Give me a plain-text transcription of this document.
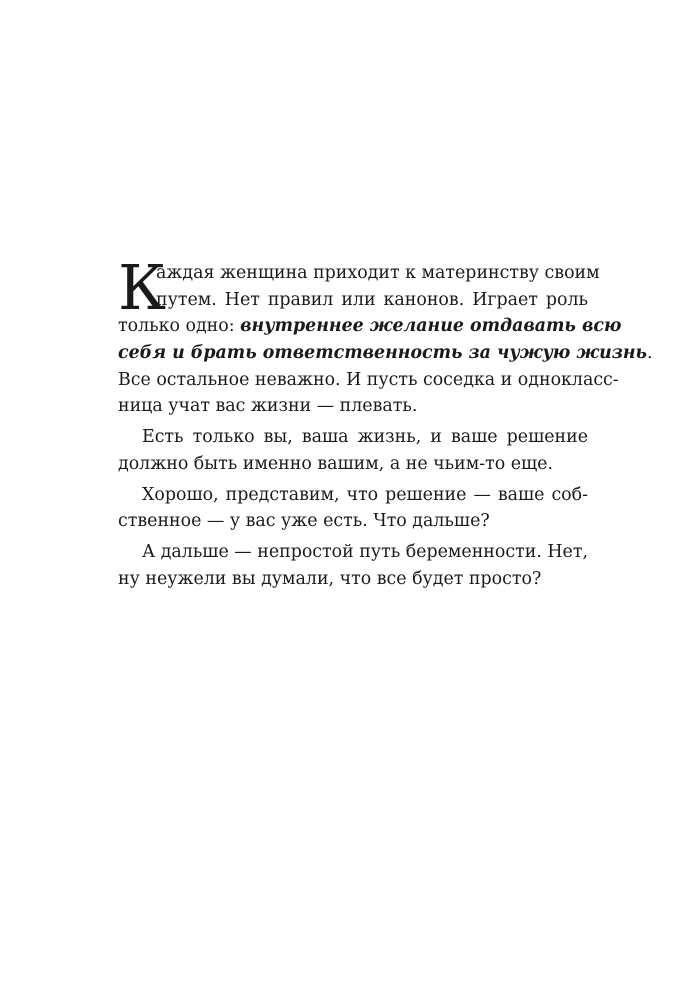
К
аждая женщина приходит к материнству своим
путем. Нет правил или канонов. Играет роль
только одно: внутреннее желание отдавать всю
себя и брать ответственность за чужую жизнь.
Все остальное неважно. И пусть соседка и однокласс-
ница учат вас жизни — плевать.
Есть только вы, ваша жизнь, и ваше решение
должно быть именно вашим, а не чьим-то еще.
Хорошо, представим, что решение — ваше соб-
ственное — у вас уже есть. Что дальше?
А дальше — непростой путь беременности. Нет,
ну неужели вы думали, что все будет просто?
